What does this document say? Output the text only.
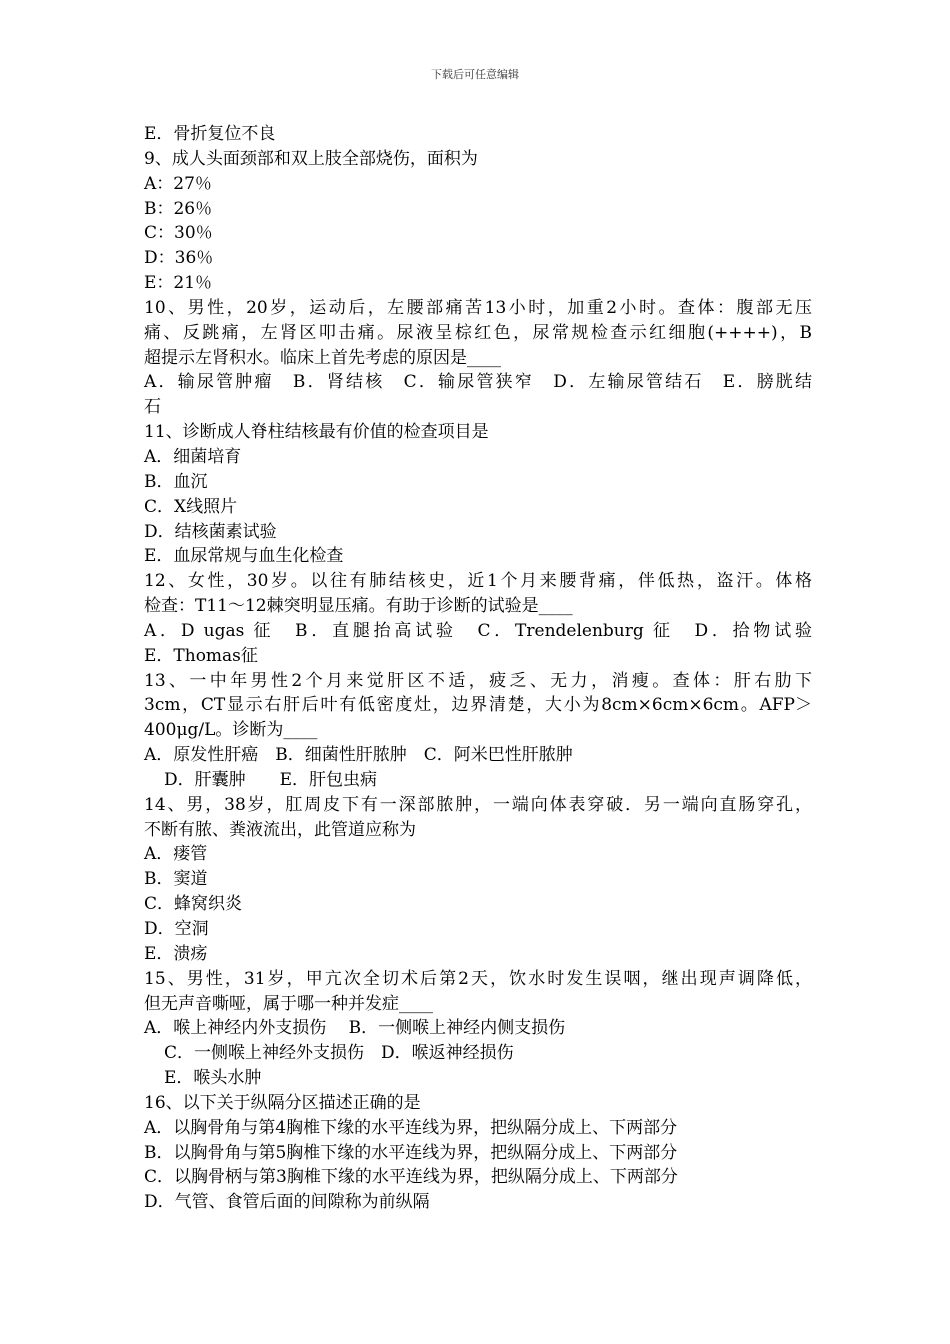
下载后可任意编辑
E．骨折复位不良
9、成人头面颈部和双上肢全部烧伤，面积为
A：27％
B：26％
C：30％
D：36％
E：21％
10、男性，20岁，运动后，左腰部痛苦13小时，加重2小时。查体：腹部无压
痛、反跳痛，左肾区叩击痛。尿液呈棕红色，尿常规检查示红细胞(++++)，B
超提示左肾积水。临床上首先考虑的原因是____
A．输尿管肿瘤　B．肾结核　C．输尿管狭窄　D．左输尿管结石　E．膀胱结
石
11、诊断成人脊柱结核最有价值的检查项目是
A．细菌培育
B．血沉
C．X线照片
D．结核菌素试验
E．血尿常规与血生化检查
12、女性，30岁。以往有肺结核史，近1个月来腰背痛，伴低热，盗汗。体格
检查：T11～12棘突明显压痛。有助于诊断的试验是____
A．D ugas 征　B．直腿抬高试验　C．Trendelenburg 征　D．拾物试验
E．Thomas征
13、一中年男性2个月来觉肝区不适，疲乏、无力，消瘦。查体：肝右肋下
3cm，CT显示右肝后叶有低密度灶，边界清楚，大小为8cm×6cm×6cm。AFP＞
400μg/L。诊断为____
A．原发性肝癌　B．细菌性肝脓肿　C．阿米巴性肝脓肿
D．肝囊肿　　E．肝包虫病
14、男，38岁，肛周皮下有一深部脓肿，一端向体表穿破．另一端向直肠穿孔，
不断有脓、粪液流出，此管道应称为
A．瘘管
B．窦道
C．蜂窝织炎
D．空洞
E．溃疡
15、男性，31岁，甲亢次全切术后第2天，饮水时发生误咽，继出现声调降低，
但无声音嘶哑，属于哪一种并发症____
A．喉上神经内外支损伤　 B．一侧喉上神经内侧支损伤
C．一侧喉上神经外支损伤　D．喉返神经损伤
E．喉头水肿
16、以下关于纵隔分区描述正确的是
A．以胸骨角与第4胸椎下缘的水平连线为界，把纵隔分成上、下两部分
B．以胸骨角与第5胸椎下缘的水平连线为界，把纵隔分成上、下两部分
C．以胸骨柄与第3胸椎下缘的水平连线为界，把纵隔分成上、下两部分
D．气管、食管后面的间隙称为前纵隔
